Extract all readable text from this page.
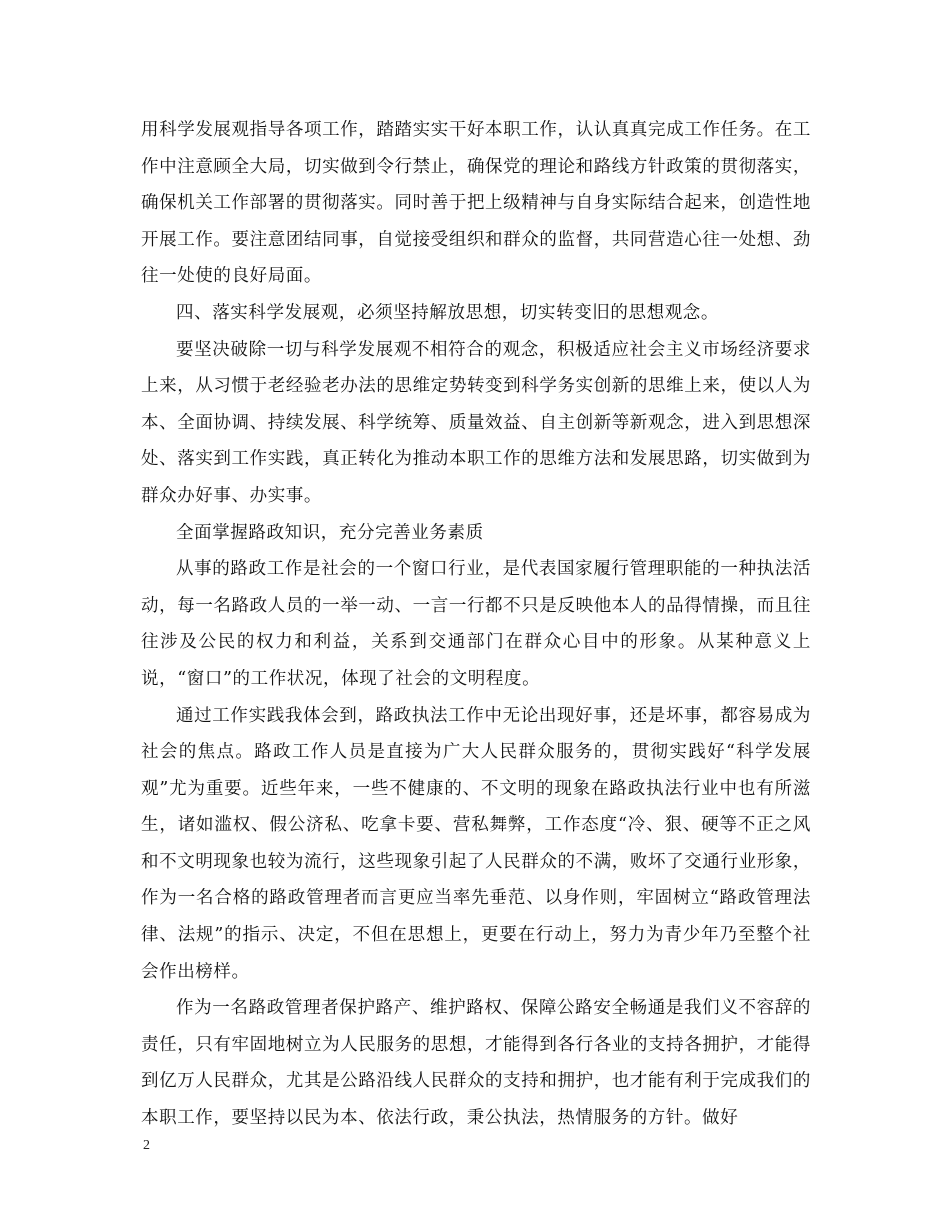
用科学发展观指导各项工作，踏踏实实干好本职工作，认认真真完成工作任务。在工作中注意顾全大局，切实做到令行禁止，确保党的理论和路线方针政策的贯彻落实，确保机关工作部署的贯彻落实。同时善于把上级精神与自身实际结合起来，创造性地开展工作。要注意团结同事，自觉接受组织和群众的监督，共同营造心往一处想、劲往一处使的良好局面。

四、落实科学发展观，必须坚持解放思想，切实转变旧的思想观念。

要坚决破除一切与科学发展观不相符合的观念，积极适应社会主义市场经济要求上来，从习惯于老经验老办法的思维定势转变到科学务实创新的思维上来，使以人为本、全面协调、持续发展、科学统筹、质量效益、自主创新等新观念，进入到思想深处、落实到工作实践，真正转化为推动本职工作的思维方法和发展思路，切实做到为群众办好事、办实事。

全面掌握路政知识，充分完善业务素质

从事的路政工作是社会的一个窗口行业，是代表国家履行管理职能的一种执法活动，每一名路政人员的一举一动、一言一行都不只是反映他本人的品得情操，而且往往涉及公民的权力和利益，关系到交通部门在群众心目中的形象。从某种意义上说，“窗口”的工作状况，体现了社会的文明程度。

通过工作实践我体会到，路政执法工作中无论出现好事，还是坏事，都容易成为社会的焦点。路政工作人员是直接为广大人民群众服务的，贯彻实践好“科学发展观”尤为重要。近些年来，一些不健康的、不文明的现象在路政执法行业中也有所滋生，诸如滥权、假公济私、吃拿卡要、营私舞弊，工作态度“冷、狠、硬等不正之风和不文明现象也较为流行，这些现象引起了人民群众的不满，败坏了交通行业形象，作为一名合格的路政管理者而言更应当率先垂范、以身作则，牢固树立“路政管理法律、法规”的指示、决定，不但在思想上，更要在行动上，努力为青少年乃至整个社会作出榜样。

作为一名路政管理者保护路产、维护路权、保障公路安全畅通是我们义不容辞的责任，只有牢固地树立为人民服务的思想，才能得到各行各业的支持各拥护，才能得到亿万人民群众，尤其是公路沿线人民群众的支持和拥护，也才能有利于完成我们的本职工作，要坚持以民为本、依法行政，秉公执法，热情服务的方针。做好

2
